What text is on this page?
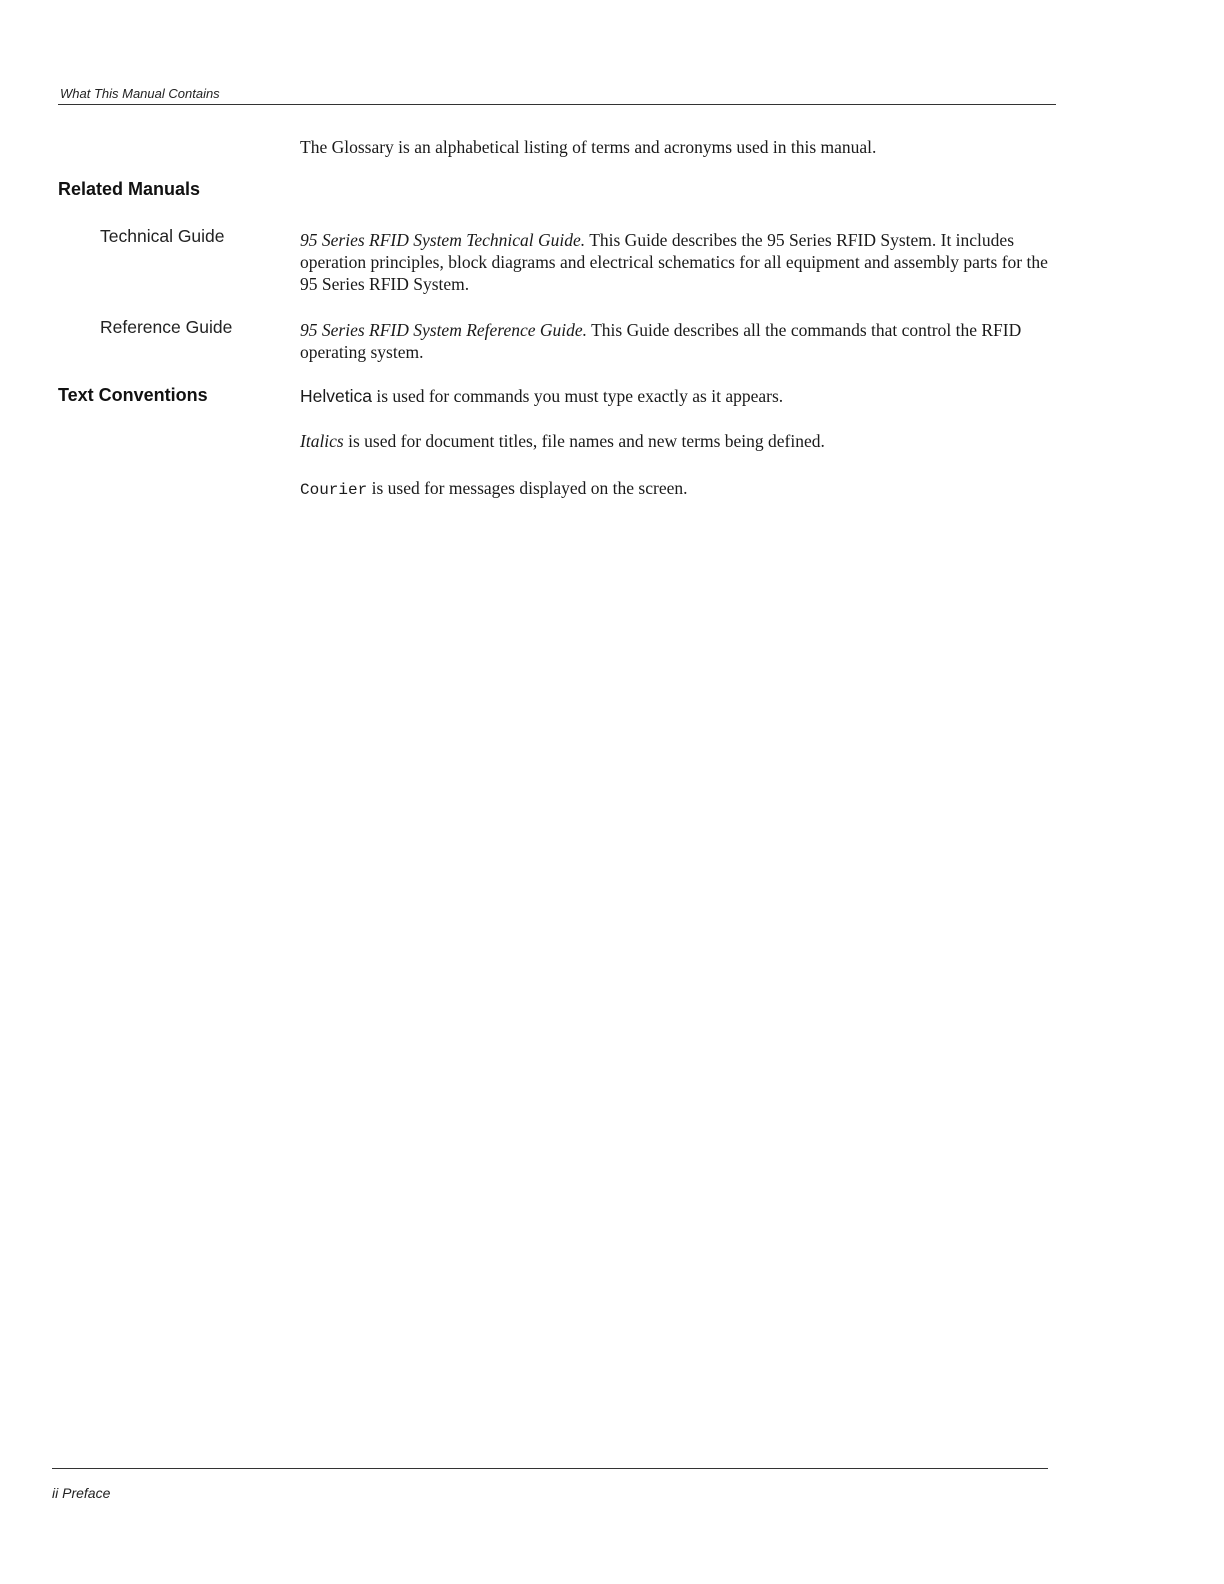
What This Manual Contains
The Glossary is an alphabetical listing of terms and acronyms used in this manual.
Related Manuals
Technical Guide	95 Series RFID System Technical Guide. This Guide describes the 95 Series RFID System. It includes operation principles, block diagrams and electrical schematics for all equipment and assembly parts for the 95 Series RFID System.
Reference Guide	95 Series RFID System Reference Guide. This Guide describes all the commands that control the RFID operating system.
Text Conventions	Helvetica is used for commands you must type exactly as it appears.
Italics is used for document titles, file names and new terms being defined.
Courier is used for messages displayed on the screen.
ii Preface
